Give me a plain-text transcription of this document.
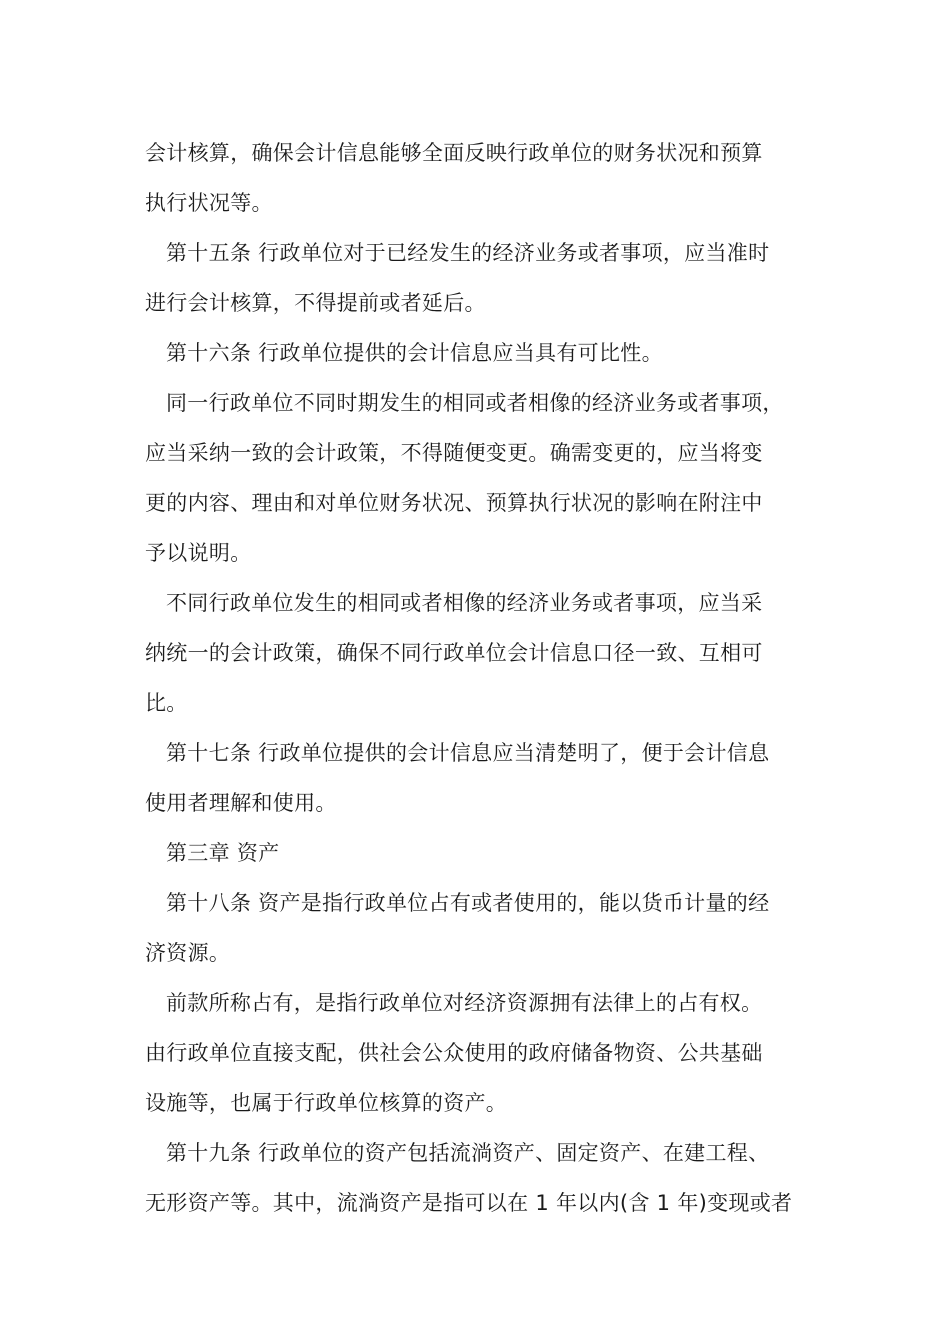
会计核算，确保会计信息能够全面反映行政单位的财务状况和预算
执行状况等。
第十五条 行政单位对于已经发生的经济业务或者事项，应当准时
进行会计核算，不得提前或者延后。
第十六条 行政单位提供的会计信息应当具有可比性。
同一行政单位不同时期发生的相同或者相像的经济业务或者事项，
应当采纳一致的会计政策，不得随便变更。确需变更的，应当将变
更的内容、理由和对单位财务状况、预算执行状况的影响在附注中
予以说明。
不同行政单位发生的相同或者相像的经济业务或者事项，应当采
纳统一的会计政策，确保不同行政单位会计信息口径一致、互相可
比。
第十七条 行政单位提供的会计信息应当清楚明了，便于会计信息
使用者理解和使用。
第三章 资产
第十八条 资产是指行政单位占有或者使用的，能以货币计量的经
济资源。
前款所称占有，是指行政单位对经济资源拥有法律上的占有权。
由行政单位直接支配，供社会公众使用的政府储备物资、公共基础
设施等，也属于行政单位核算的资产。
第十九条 行政单位的资产包括流淌资产、固定资产、在建工程、
无形资产等。其中，流淌资产是指可以在 1 年以内(含 1 年)变现或者
